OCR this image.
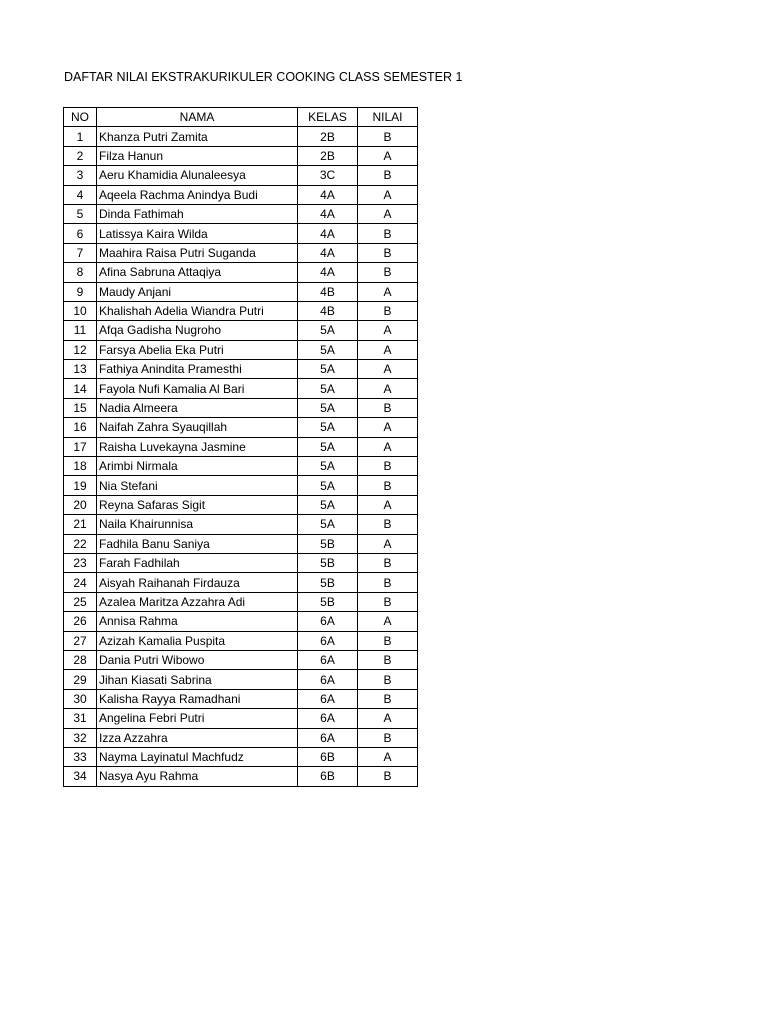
DAFTAR NILAI EKSTRAKURIKULER COOKING CLASS SEMESTER 1
NO	NAMA	KELAS	NILAI
1	Khanza Putri Zamita	2B	B
2	Filza Hanun	2B	A
3	Aeru Khamidia Alunaleesya	3C	B
4	Aqeela Rachma Anindya Budi	4A	A
5	Dinda Fathimah	4A	A
6	Latissya Kaira Wilda	4A	B
7	Maahira Raisa Putri Suganda	4A	B
8	Afina Sabruna Attaqiya	4A	B
9	Maudy Anjani	4B	A
10	Khalishah Adelia Wiandra Putri	4B	B
11	Afqa Gadisha Nugroho	5A	A
12	Farsya Abelia Eka Putri	5A	A
13	Fathiya Anindita Pramesthi	5A	A
14	Fayola Nufi Kamalia Al Bari	5A	A
15	Nadia Almeera	5A	B
16	Naifah Zahra Syauqillah	5A	A
17	Raisha Luvekayna Jasmine	5A	A
18	Arimbi Nirmala	5A	B
19	Nia Stefani	5A	B
20	Reyna Safaras Sigit	5A	A
21	Naila Khairunnisa	5A	B
22	Fadhila Banu Saniya	5B	A
23	Farah Fadhilah	5B	B
24	Aisyah Raihanah Firdauza	5B	B
25	Azalea Maritza Azzahra Adi	5B	B
26	Annisa Rahma	6A	A
27	Azizah Kamalia Puspita	6A	B
28	Dania Putri Wibowo	6A	B
29	Jihan Kiasati Sabrina	6A	B
30	Kalisha Rayya Ramadhani	6A	B
31	Angelina Febri Putri	6A	A
32	Izza Azzahra	6A	B
33	Nayma Layinatul Machfudz	6B	A
34	Nasya Ayu Rahma	6B	B
